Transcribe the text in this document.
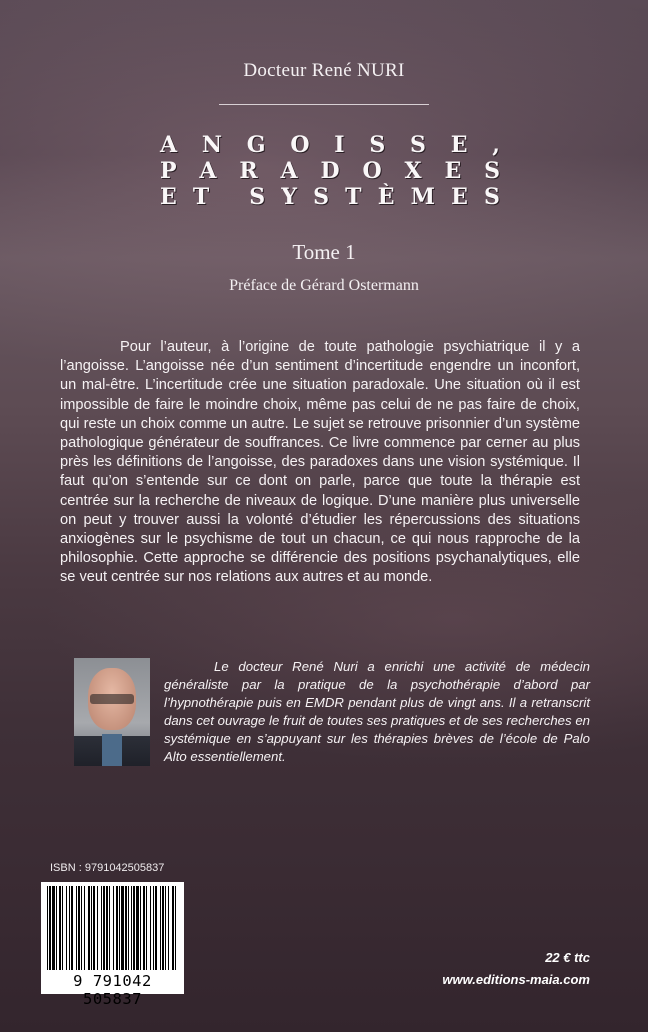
Docteur René NURI
A N G O I S S E ,
P A R A D O X E S
E T
S Y S T È M E S
Tome 1
Préface de Gérard Ostermann

Pour l’auteur, à l’origine de toute pathologie psychiatrique il y a l’angoisse. L’angoisse née d’un sentiment d’incertitude engendre un inconfort, un mal-être. L’incertitude crée une situation paradoxale. Une situation où il est impossible de faire le moindre choix, même pas celui de ne pas faire de choix, qui reste un choix comme un autre. Le sujet se retrouve prisonnier d’un système pathologique générateur de souffrances. Ce livre commence par cerner au plus près les définitions de l’angoisse, des paradoxes dans une vision systémique. Il faut qu’on s’entende sur ce dont on parle, parce que toute la thérapie est centrée sur la recherche de niveaux de logique. D’une manière plus universelle on peut y trouver aussi la volonté d’étudier les répercussions des situations anxiogènes sur le psychisme de tout un chacun, ce qui nous rapproche de la philosophie. Cette approche se différencie des positions psychanalytiques, elle se veut centrée sur nos relations aux autres et au monde.

Le docteur René Nuri a enrichi une activité de médecin généraliste par la pratique de la psychothérapie d’abord par l’hypnothérapie puis en EMDR pendant plus de vingt ans. Il a retranscrit dans cet ouvrage le fruit de toutes ses pratiques et de ses recherches en systémique en s’appuyant sur les thérapies brèves de l’école de Palo Alto essentiellement.

ISBN : 9791042505837
9 791042 505837
22 € ttc
www.editions-maia.com
